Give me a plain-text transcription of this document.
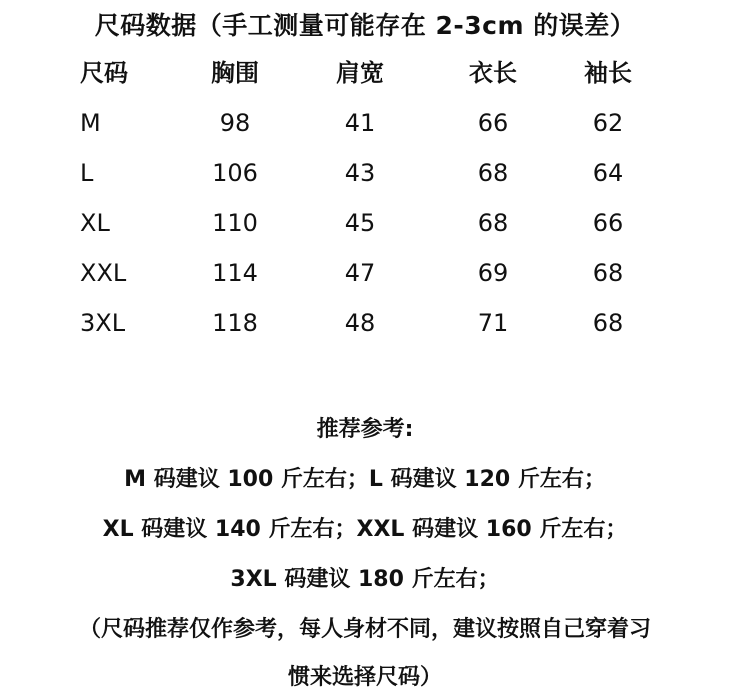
尺码数据（手工测量可能存在 2-3cm 的误差）
尺码	胸围	肩宽	衣长	袖长
M	98	41	66	62
L	106	43	68	64
XL	110	45	68	66
XXL	114	47	69	68
3XL	118	48	71	68
推荐参考:
M 码建议 100 斤左右；L 码建议 120 斤左右；
XL 码建议 140 斤左右；XXL 码建议 160 斤左右；
3XL 码建议 180 斤左右；
（尺码推荐仅作参考，每人身材不同，建议按照自己穿着习
惯来选择尺码）
